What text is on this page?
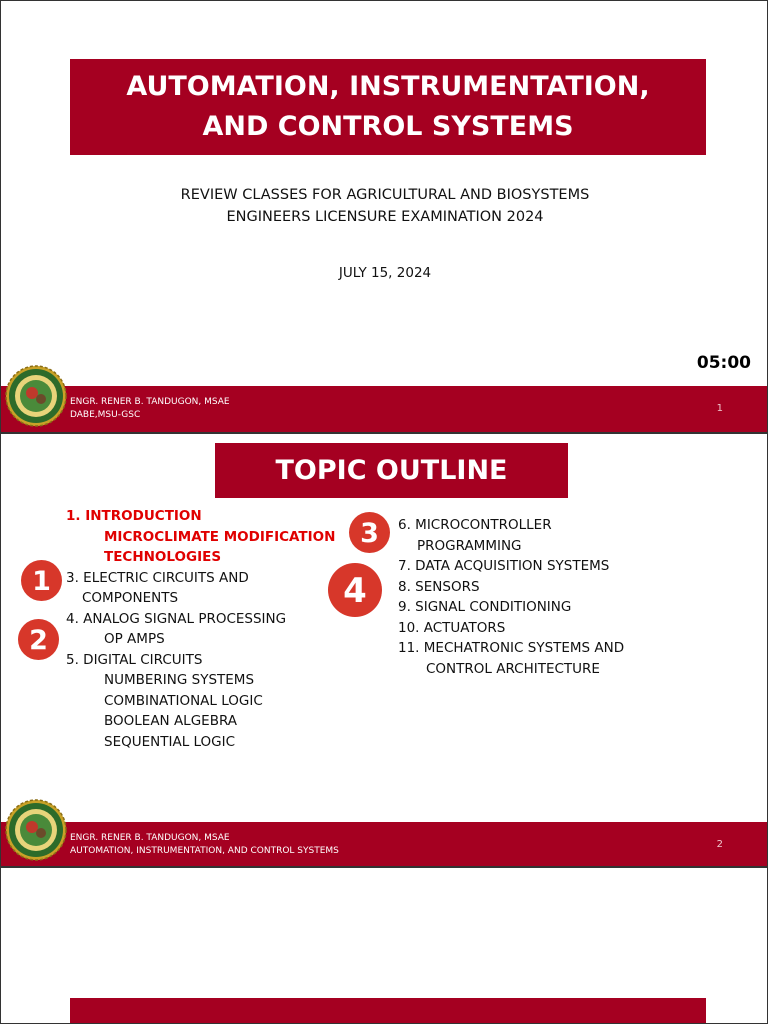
AUTOMATION, INSTRUMENTATION, AND CONTROL SYSTEMS
REVIEW CLASSES FOR AGRICULTURAL AND BIOSYSTEMS
ENGINEERS LICENSURE EXAMINATION 2024
JULY 15, 2024
05:00
ENGR. RENER B. TANDUGON, MSAE
DABE,MSU-GSC
1
TOPIC OUTLINE
1. INTRODUCTION
MICROCLIMATE MODIFICATION
TECHNOLOGIES
3. ELECTRIC CIRCUITS AND
COMPONENTS
4. ANALOG SIGNAL PROCESSING
OP AMPS
5. DIGITAL CIRCUITS
NUMBERING SYSTEMS
COMBINATIONAL LOGIC
BOOLEAN ALGEBRA
SEQUENTIAL LOGIC
6. MICROCONTROLLER
PROGRAMMING
7. DATA ACQUISITION SYSTEMS
8. SENSORS
9. SIGNAL CONDITIONING
10. ACTUATORS
11. MECHATRONIC SYSTEMS AND
CONTROL ARCHITECTURE
1
2
3
4
ENGR. RENER B. TANDUGON, MSAE
AUTOMATION, INSTRUMENTATION, AND CONTROL SYSTEMS
2
